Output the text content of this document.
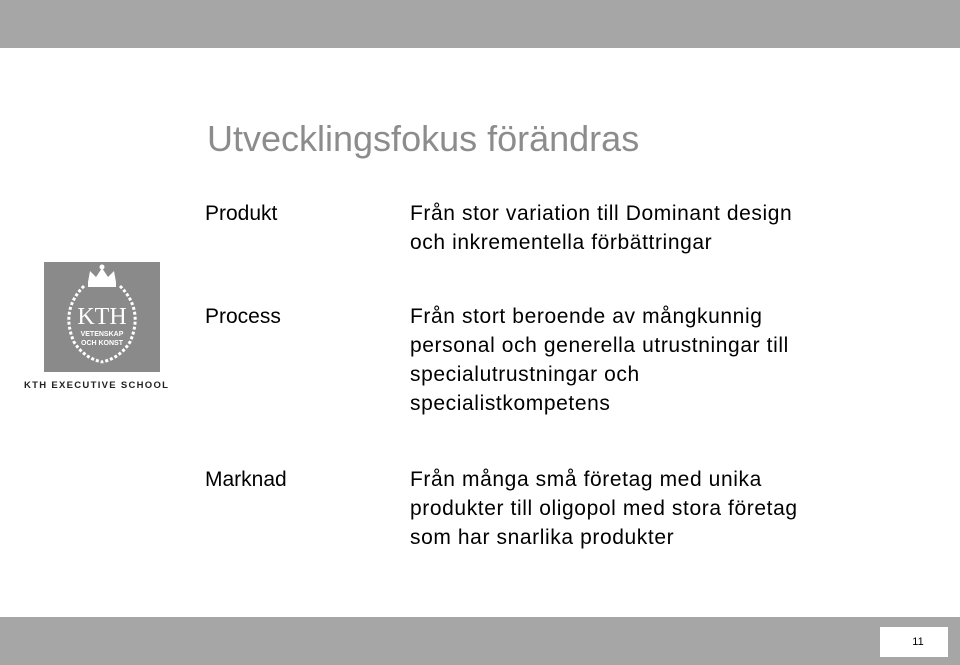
Utvecklingsfokus förändras
KTH
VETENSKAP
OCH KONST
KTH EXECUTIVE SCHOOL

Produkt	Från stor variation till Dominant design
och inkrementella förbättringar

Process	Från stort beroende av mångkunnig
personal och generella utrustningar till
specialutrustningar och
specialistkompetens

Marknad	Från många små företag med unika
produkter till oligopol med stora företag
som har snarlika produkter

11
